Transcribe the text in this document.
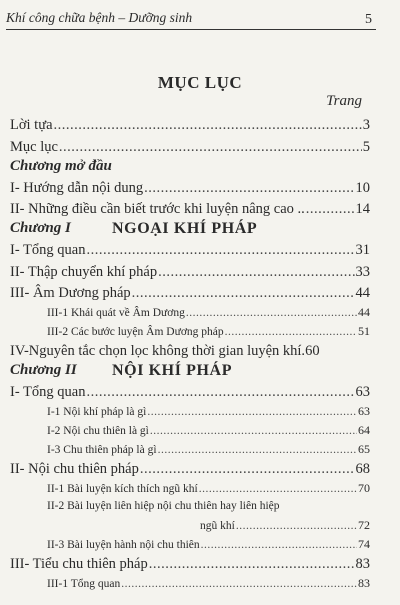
Khí công chữa bệnh – Dưỡng sinh	5
MỤC LỤC
Trang
Lời tựa .....	3
Mục lục .....	5
Chương mở đầu
I- Hướng dẫn nội dung .....	10
II- Những điều cần biết trước khi luyện nâng cao .. .....	14
Chương I	NGOẠI KHÍ PHÁP
I- Tổng quan .....	31
II- Thập chuyển khí pháp .....	33
III- Âm Dương pháp .....	44
III-1 Khái quát về Âm Dương .....	44
III-2 Các bước luyện Âm Dương pháp .....	51
IV-Nguyên tắc chọn lọc không thời gian luyện khí. 60
Chương II NỘI KHÍ PHÁP
I- Tổng quan .....	63
I-1 Nội khí pháp là gì .....	63
I-2 Nội chu thiên là gì .....	64
I-3 Chu thiên pháp là gì .....	65
II- Nội chu thiên pháp .....	68
II-1 Bài luyện kích thích ngũ khí .....	70
II-2 Bài luyện liên hiệp nội chu thiên hay liên hiệp
ngũ khí .....	72
II-3 Bài luyện hành nội chu thiên .....	74
III- Tiểu chu thiên pháp .....	83
III-1 Tổng quan .....	83
